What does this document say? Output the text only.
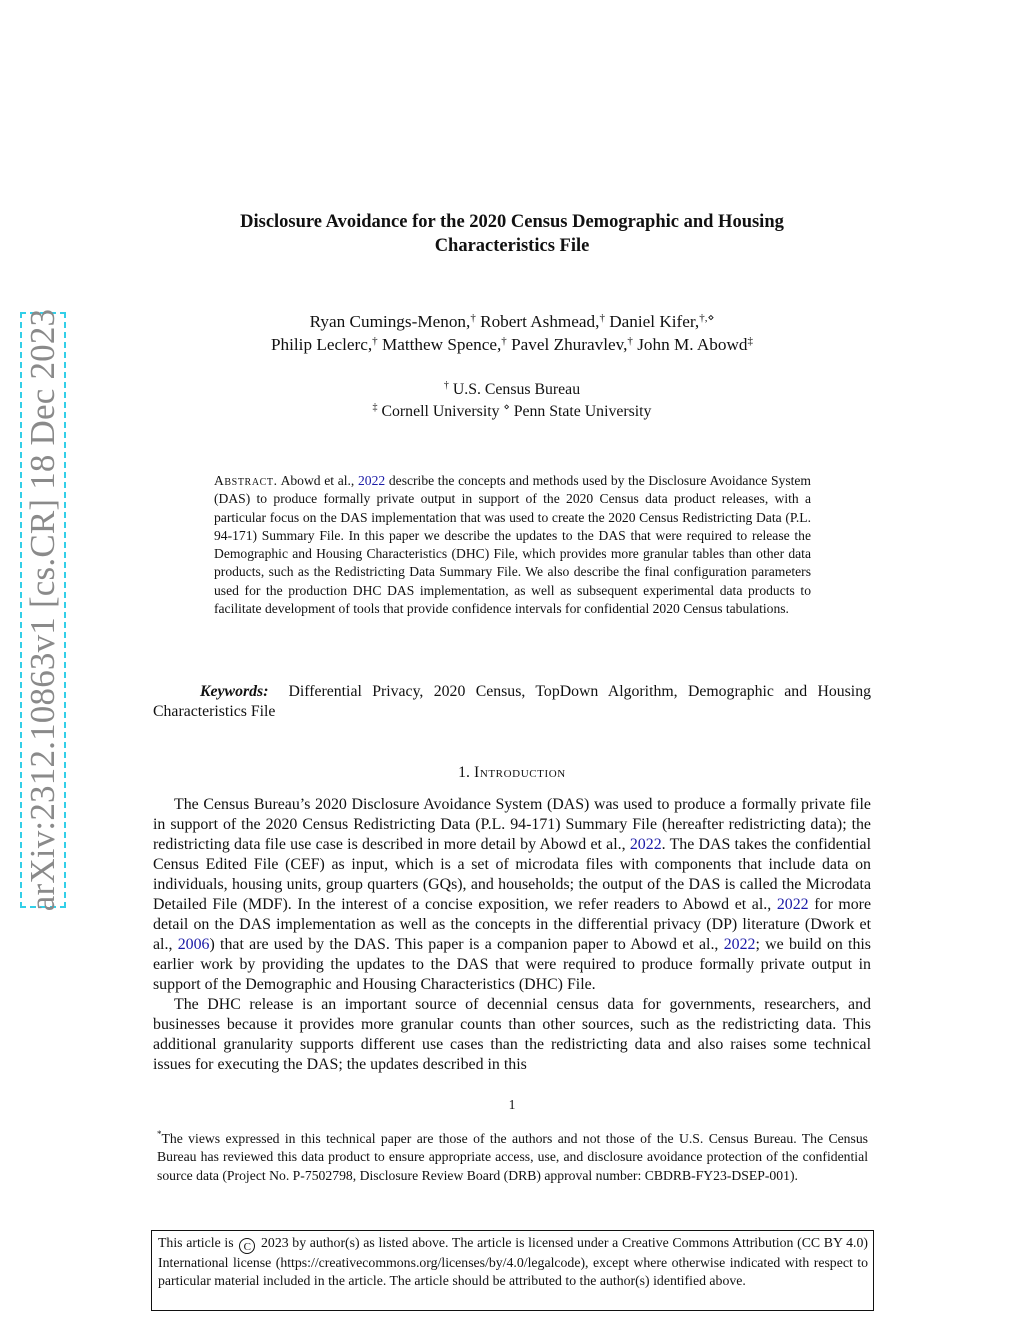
arXiv:2312.10863v1 [cs.CR] 18 Dec 2023
Disclosure Avoidance for the 2020 Census Demographic and Housing
Characteristics File
Ryan Cumings-Menon,† Robert Ashmead,† Daniel Kifer,†,⋄
Philip Leclerc,† Matthew Spence,† Pavel Zhuravlev,† John M. Abowd‡
† U.S. Census Bureau
‡ Cornell University ⋄ Penn State University
Abstract. Abowd et al., 2022 describe the concepts and methods used by the Disclosure Avoidance System (DAS) to produce formally private output in support of the 2020 Census data product releases, with a particular focus on the DAS implementation that was used to create the 2020 Census Redistricting Data (P.L. 94-171) Summary File. In this paper we describe the updates to the DAS that were required to release the Demographic and Housing Characteristics (DHC) File, which provides more granular tables than other data products, such as the Redistricting Data Summary File. We also describe the final configuration parameters used for the production DHC DAS implementation, as well as subsequent experimental data products to facilitate development of tools that provide confidence intervals for confidential 2020 Census tabulations.
Keywords: Differential Privacy, 2020 Census, TopDown Algorithm, Demographic and Housing Characteristics File
1. Introduction

The Census Bureau’s 2020 Disclosure Avoidance System (DAS) was used to produce a formally private file in support of the 2020 Census Redistricting Data (P.L. 94-171) Summary File (hereafter redistricting data); the redistricting data file use case is described in more detail by Abowd et al., 2022. The DAS takes the confidential Census Edited File (CEF) as input, which is a set of microdata files with components that include data on individuals, housing units, group quarters (GQs), and households; the output of the DAS is called the Microdata Detailed File (MDF). In the interest of a concise exposition, we refer readers to Abowd et al., 2022 for more detail on the DAS implementation as well as the concepts in the differential privacy (DP) literature (Dwork et al., 2006) that are used by the DAS. This paper is a companion paper to Abowd et al., 2022; we build on this earlier work by providing the updates to the DAS that were required to produce formally private output in support of the Demographic and Housing Characteristics (DHC) File.

The DHC release is an important source of decennial census data for governments, researchers, and businesses because it provides more granular counts than other sources, such as the redistricting data. This additional granularity supports different use cases than the redistricting data and also raises some technical issues for executing the DAS; the updates described in this

1
*The views expressed in this technical paper are those of the authors and not those of the U.S. Census Bureau. The Census Bureau has reviewed this data product to ensure appropriate access, use, and disclosure avoidance protection of the confidential source data (Project No. P-7502798, Disclosure Review Board (DRB) approval number: CBDRB-FY23-DSEP-001).
This article is C 2023 by author(s) as listed above. The article is licensed under a Creative Commons Attribution (CC BY 4.0) International license (https://creativecommons.org/licenses/by/4.0/legalcode), except where otherwise indicated with respect to particular material included in the article. The article should be attributed to the author(s) identified above.
